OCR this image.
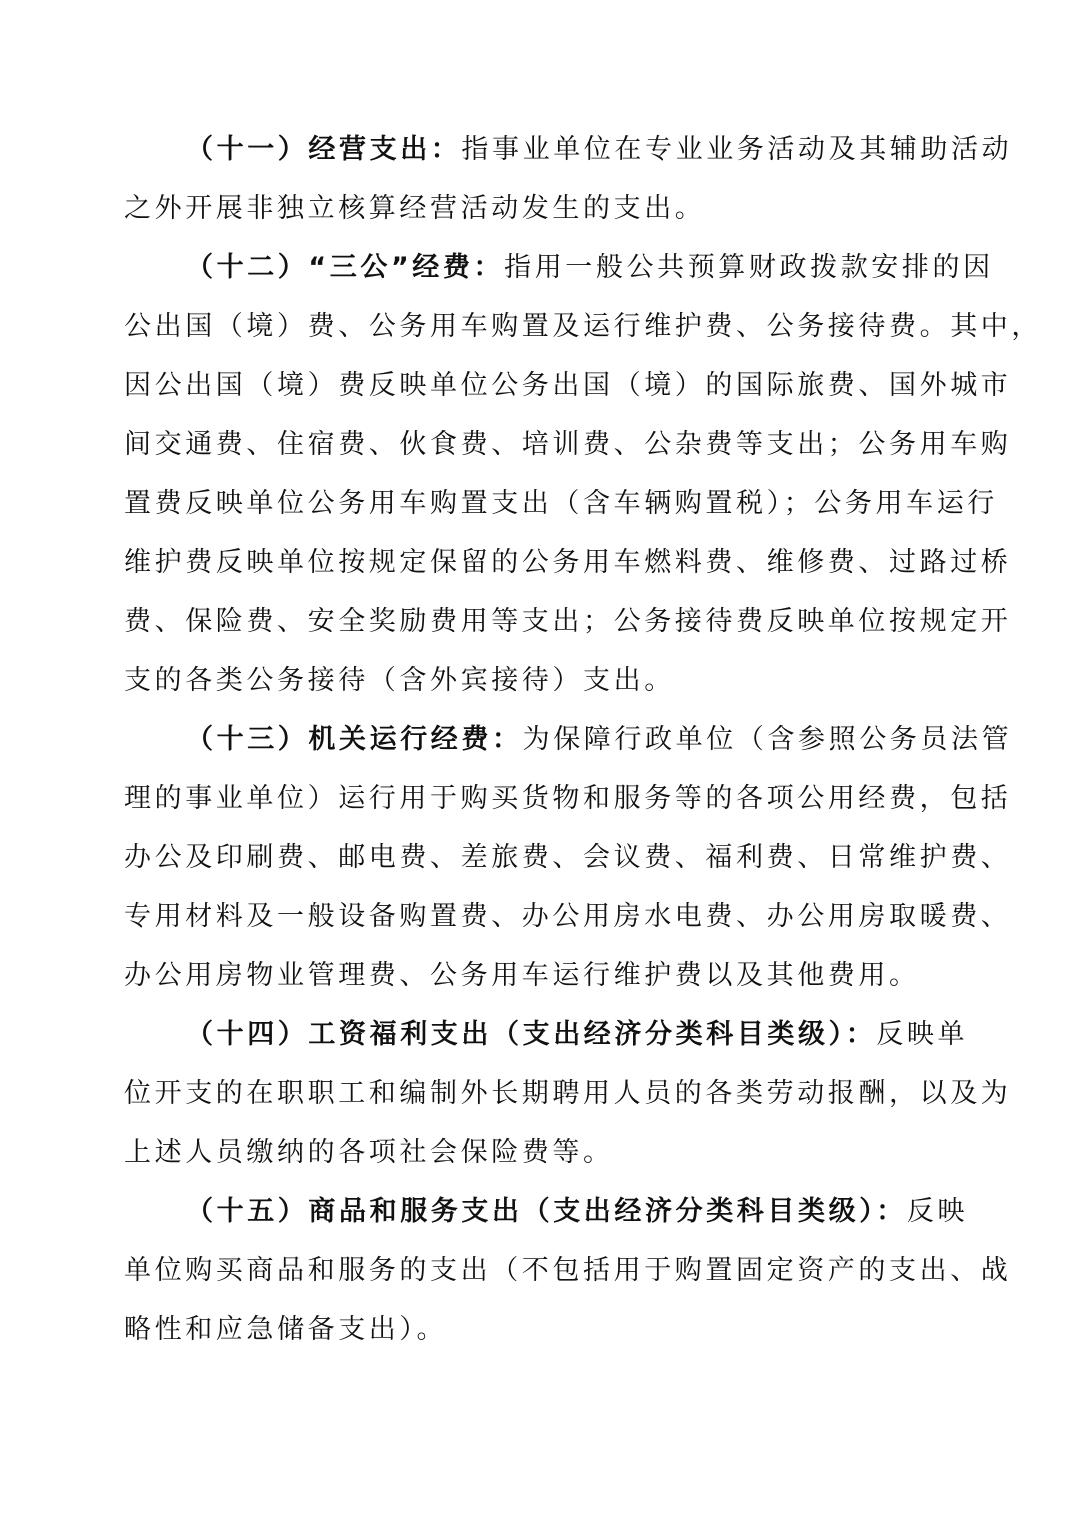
（十一）经营支出：指事业单位在专业业务活动及其辅助活动
之外开展非独立核算经营活动发生的支出。
（十二）“三公”经费：指用一般公共预算财政拨款安排的因
公出国（境）费、公务用车购置及运行维护费、公务接待费。其中，
因公出国（境）费反映单位公务出国（境）的国际旅费、国外城市
间交通费、住宿费、伙食费、培训费、公杂费等支出；公务用车购
置费反映单位公务用车购置支出（含车辆购置税）；公务用车运行
维护费反映单位按规定保留的公务用车燃料费、维修费、过路过桥
费、保险费、安全奖励费用等支出；公务接待费反映单位按规定开
支的各类公务接待（含外宾接待）支出。
（十三）机关运行经费：为保障行政单位（含参照公务员法管
理的事业单位）运行用于购买货物和服务等的各项公用经费，包括
办公及印刷费、邮电费、差旅费、会议费、福利费、日常维护费、
专用材料及一般设备购置费、办公用房水电费、办公用房取暖费、
办公用房物业管理费、公务用车运行维护费以及其他费用。
（十四）工资福利支出（支出经济分类科目类级）：反映单
位开支的在职职工和编制外长期聘用人员的各类劳动报酬，以及为
上述人员缴纳的各项社会保险费等。
（十五）商品和服务支出（支出经济分类科目类级）：反映
单位购买商品和服务的支出（不包括用于购置固定资产的支出、战
略性和应急储备支出）。
